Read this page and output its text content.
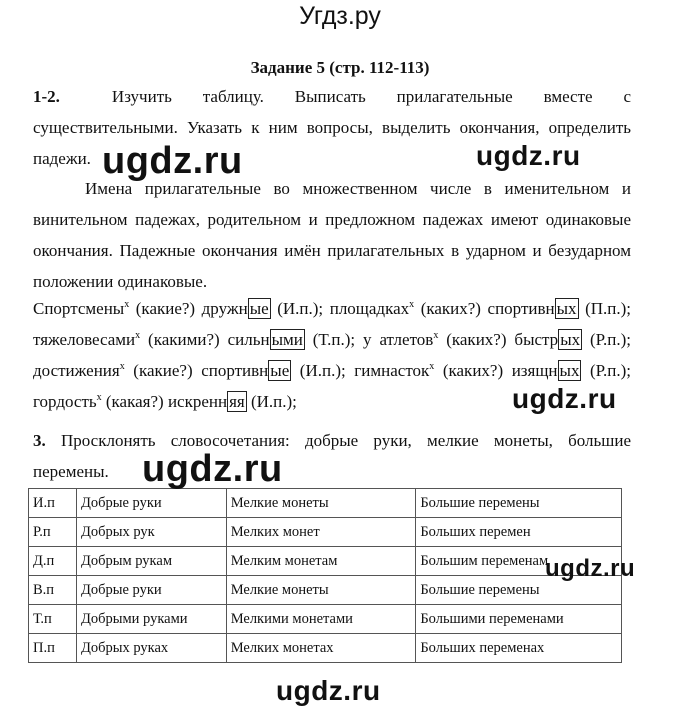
Угдз.ру
Задание 5 (стр. 112-113)
1-2.	Изучить таблицу. Выписать прилагательные вместе с существительными. Указать к ним вопросы, выделить окончания, определить падежи.
Имена прилагательные во множественном числе в именительном и винительном падежах, родительном и предложном падежах имеют одинаковые окончания. Падежные окончания имён прилагательных в ударном и безударном положении одинаковые.
Спортсмены$^х$ (какие?) дружн ые (И.п.); площадках$^х$ (каких?) спортивн ых (П.п.); тяжеловесами$^х$ (какими?) сильн ыми (Т.п.); у атлетов$^х$ (каких?) быстр ых (Р.п.); достижения$^х$ (какие?) спортивн ые (И.п.); гимнасток$^х$ (каких?) изящн ых (Р.п.); гордость$^х$ (какая?) искренн яя (И.п.);
3. Просклонять словосочетания: добрые руки, мелкие монеты, большие перемены.
И.п	Добрые руки	Мелкие монеты	Большие перемены
Р.п	Добрых рук	Мелких монет	Больших перемен
Д.п	Добрым рукам	Мелким монетам	Большим переменам
В.п	Добрые руки	Мелкие монеты	Большие перемены
Т.п	Добрыми руками	Мелкими монетами	Большими переменами
П.п	Добрых руках	Мелких монетах	Больших переменах
ugdz.ru	ugdz.ru
ugdz.ru
ugdz.ru
ugdz.ru
ugdz.ru
